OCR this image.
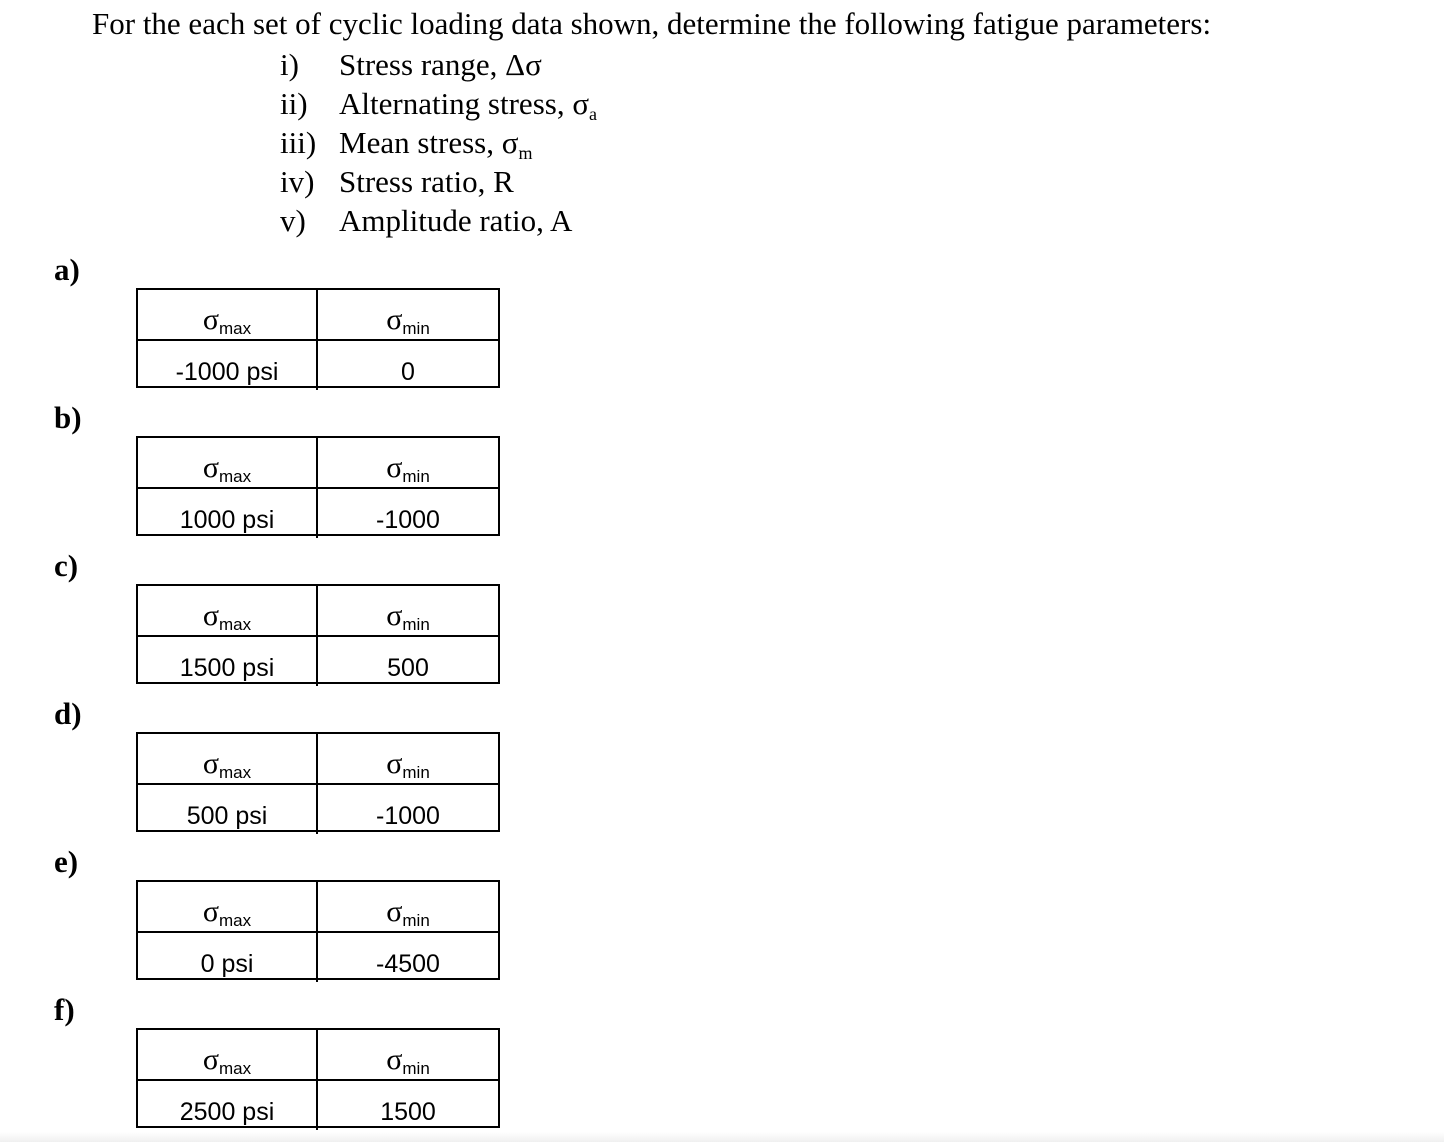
For the each set of cyclic loading data shown, determine the following fatigue parameters:
i)	Stress range, Δσ
ii)	Alternating stress, $\sigma_a$
iii) Mean stress, $\sigma_m$
iv) Stress ratio, R
v)	Amplitude ratio, A
a)
σ max	σ min
-1000 psi	0
b)
σ max	σ min
1000 psi	-1000
c)
σ max	σ min
1500 psi	500
d)
σ max	σ min
500 psi	-1000
e)
σ max	σ min
0 psi	-4500
f)
σ max	σ min
2500 psi	1500
